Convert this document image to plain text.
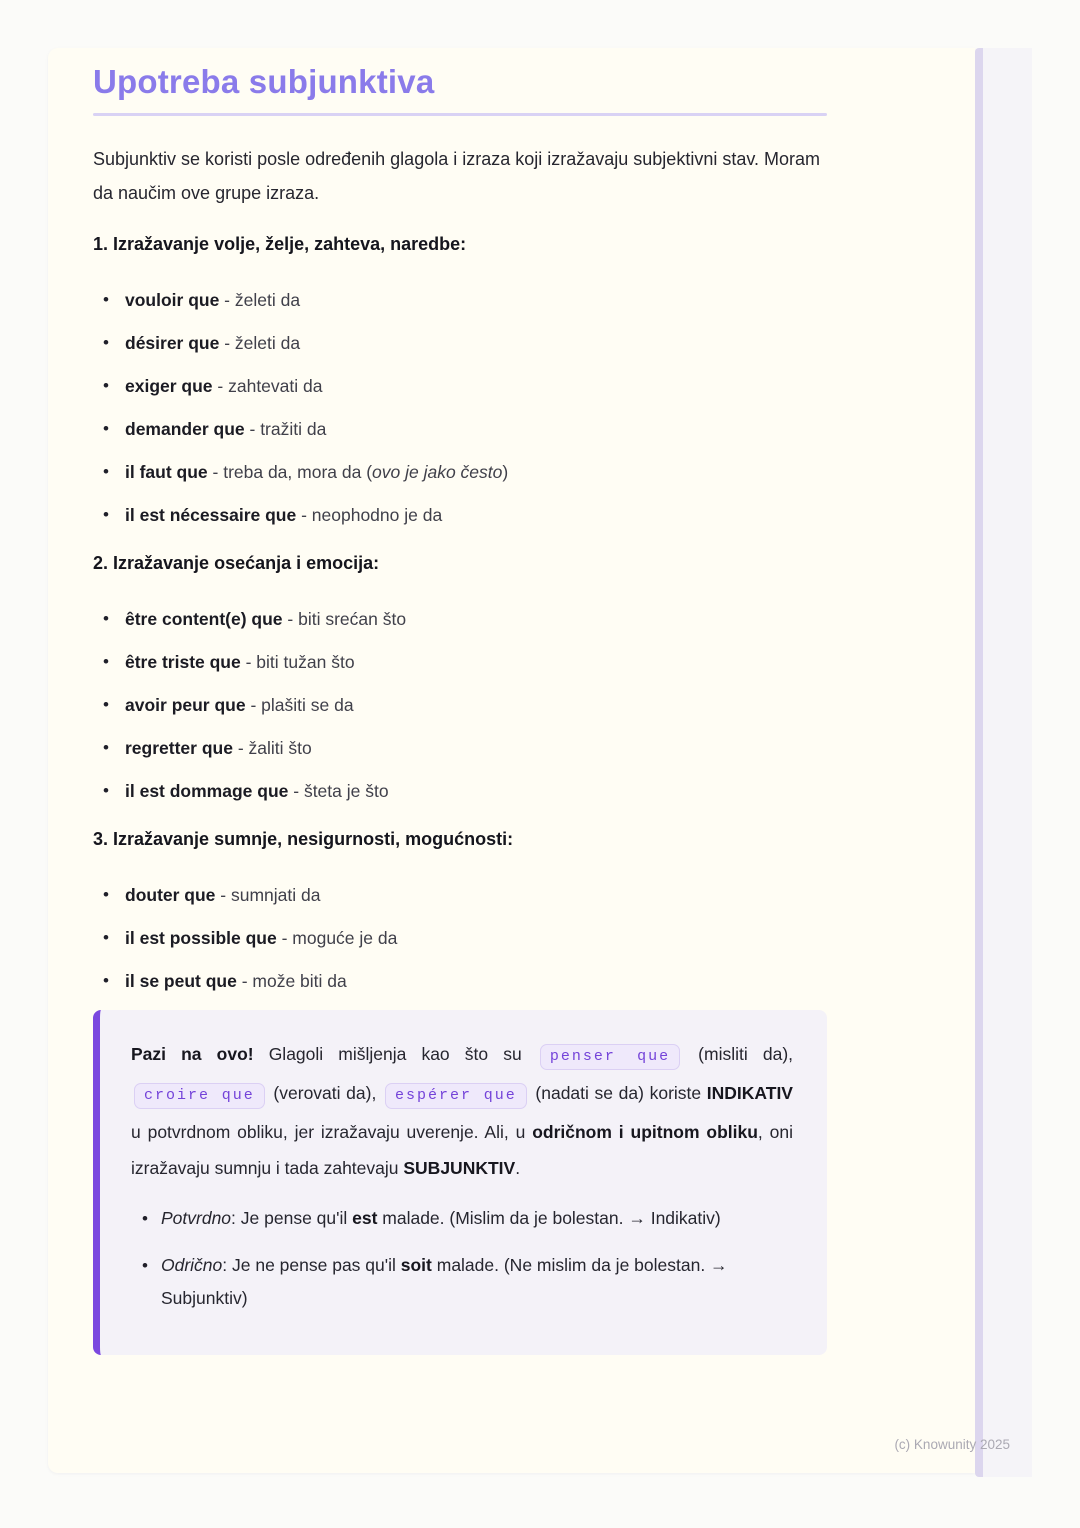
Upotreba subjunktiva

Subjunktiv se koristi posle određenih glagola i izraza koji izražavaju subjektivni stav. Moram da naučim ove grupe izraza.

1. Izražavanje volje, želje, zahteva, naredbe:
• vouloir que - želeti da
• désirer que - želeti da
• exiger que - zahtevati da
• demander que - tražiti da
• il faut que - treba da, mora da (ovo je jako često)
• il est nécessaire que - neophodno je da
2. Izražavanje osećanja i emocija:
• être content(e) que - biti srećan što
• être triste que - biti tužan što
• avoir peur que - plašiti se da
• regretter que - žaliti što
• il est dommage que - šteta je što
3. Izražavanje sumnje, nesigurnosti, mogućnosti:
• douter que - sumnjati da
• il est possible que - moguće je da
• il se peut que - može biti da

Pazi na ovo! Glagoli mišljenja kao što su penser que (misliti da), croire que (verovati da), espérer que (nadati se da) koriste INDIKATIV u potvrdnom obliku, jer izražavaju uverenje. Ali, u odričnom i upitnom obliku, oni izražavaju sumnju i tada zahtevaju SUBJUNKTIV.

• Potvrdno: Je pense qu'il est malade. (Mislim da je bolestan. → Indikativ)
• Odrično: Je ne pense pas qu'il soit malade. (Ne mislim da je bolestan. → Subjunktiv)
(c) Knowunity 2025
